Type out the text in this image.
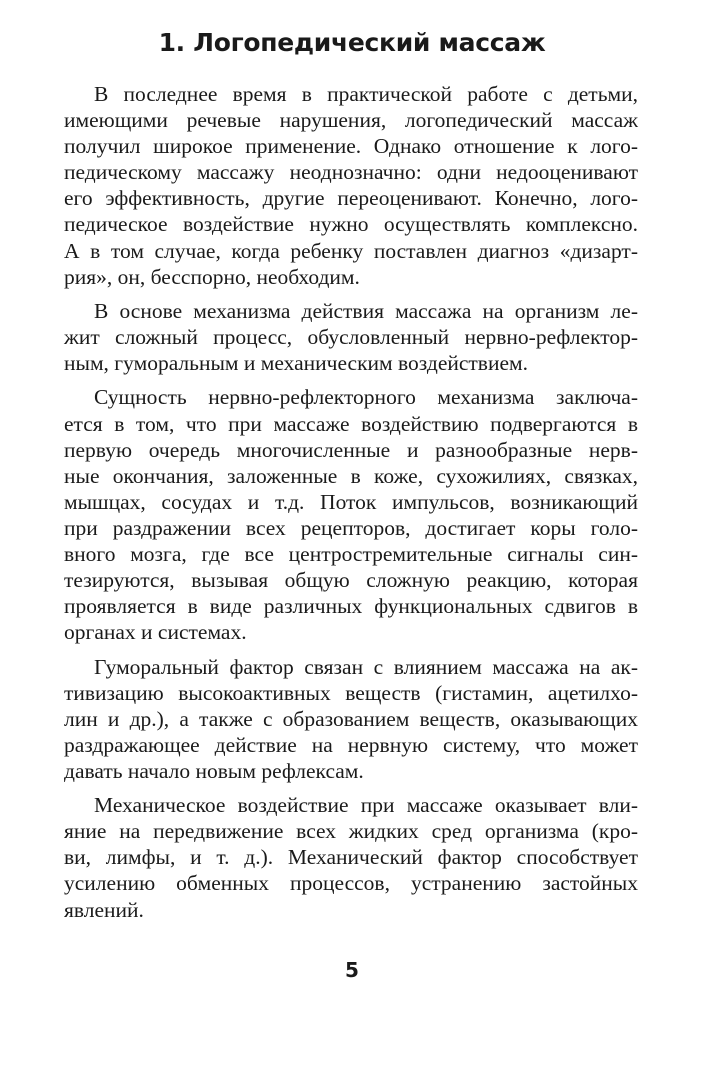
1. Логопедический массаж

В последнее время в практической работе с детьми,
имеющими речевые нарушения, логопедический массаж
получил широкое применение. Однако отношение к лого-
педическому массажу неоднозначно: одни недооценивают
его эффективность, другие переоценивают. Конечно, лого-
педическое воздействие нужно осуществлять комплексно.
А в том случае, когда ребенку поставлен диагноз «дизарт-
рия», он, бесспорно, необходим.

В основе механизма действия массажа на организм ле-
жит сложный процесс, обусловленный нервно-рефлектор-
ным, гуморальным и механическим воздействием.

Сущность нервно-рефлекторного механизма заключа-
ется в том, что при массаже воздействию подвергаются в
первую очередь многочисленные и разнообразные нерв-
ные окончания, заложенные в коже, сухожилиях, связках,
мышцах, сосудах и т.д. Поток импульсов, возникающий
при раздражении всех рецепторов, достигает коры голо-
вного мозга, где все центростремительные сигналы син-
тезируются, вызывая общую сложную реакцию, которая
проявляется в виде различных функциональных сдвигов в
органах и системах.

Гуморальный фактор связан с влиянием массажа на ак-
тивизацию высокоактивных веществ (гистамин, ацетилхо-
лин и др.), а также с образованием веществ, оказывающих
раздражающее действие на нервную систему, что может
давать начало новым рефлексам.

Механическое воздействие при массаже оказывает вли-
яние на передвижение всех жидких сред организма (кро-
ви, лимфы, и т. д.). Механический фактор способствует
усилению обменных процессов, устранению застойных
явлений.

5
